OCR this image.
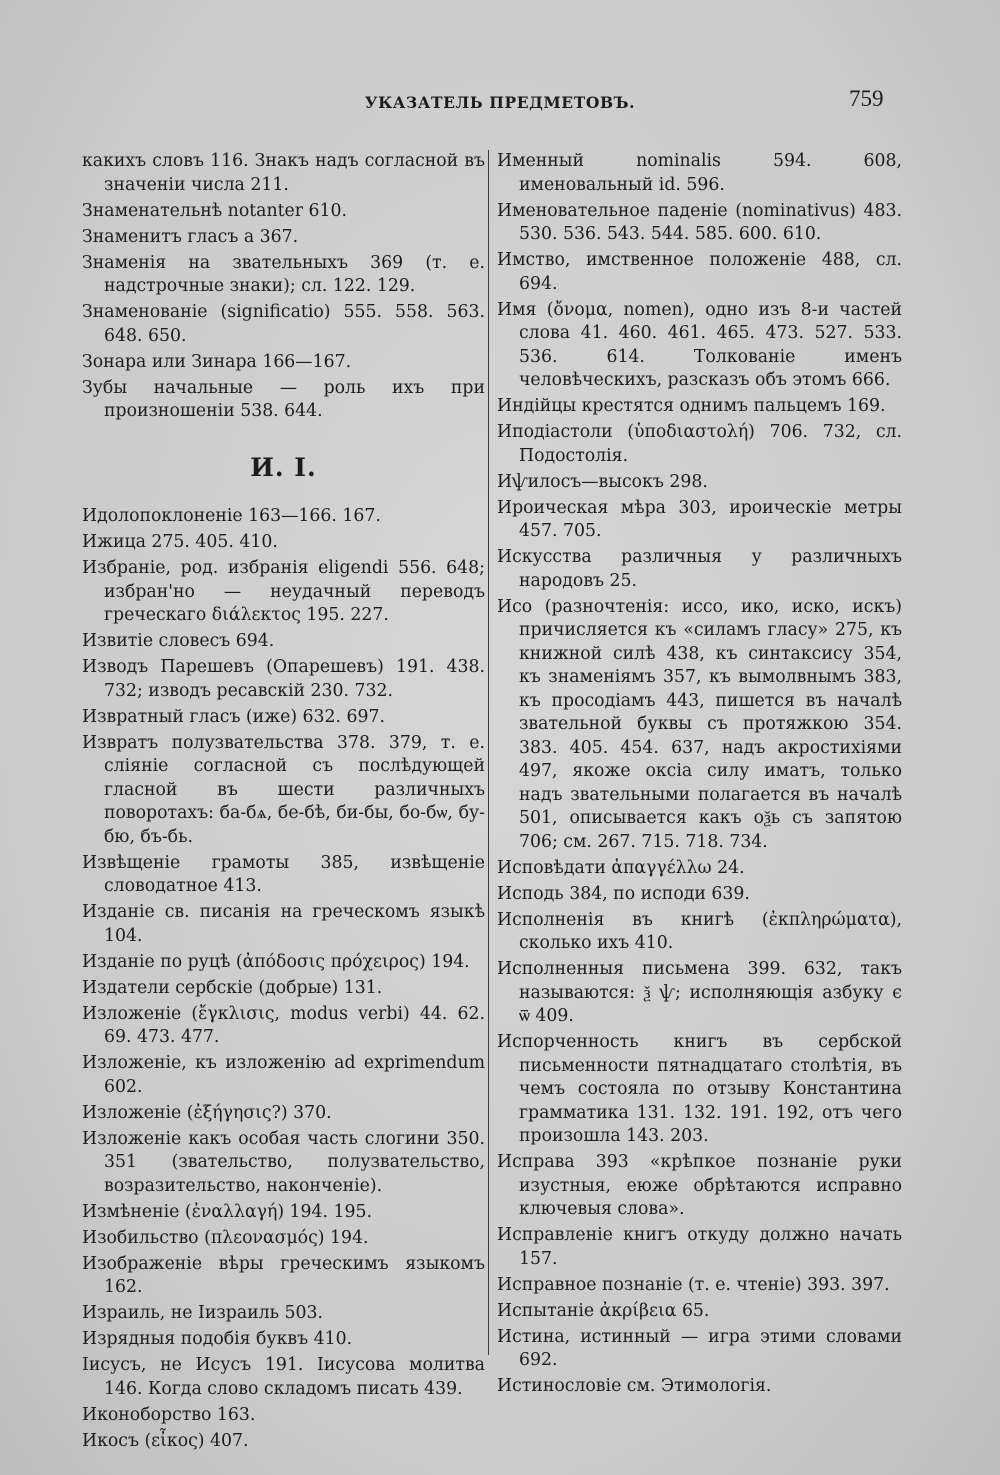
УКАЗАТЕЛЬ ПРЕДМЕТОВЪ.	759
какихъ словъ 116. Знакъ надъ согласной въ значенiи числа 211.
Знаменательнѣ notanter 610.
Знаменитъ гласъ а 367.
Знаменiя на звательныхъ 369 (т. е. надстрочные знаки); сл. 122. 129.
Знаменованiе (significatio) 555. 558. 563. 648. 650.
Зонара или Зинара 166—167.
Зубы начальные — роль ихъ при произношенiи 538. 644.
И. I.
Идолопоклоненiе 163—166. 167.
Ижица 275. 405. 410.
Избранiе, род. избранiя eligendi 556. 648; избран'но — неудачный переводъ греческаго διάλεκτος 195. 227.
Извитiе словесъ 694.
Изводъ Парешевъ (Опарешевъ) 191. 438. 732; изводъ ресавскiй 230. 732.
Извратный гласъ (иже) 632. 697.
Извратъ полузвательства 378. 379, т. е. слiянiе согласной съ послѣдующей гласной въ шести различныхъ поворотахъ: ба-бѧ, бе-бѣ, би-бы, бо-бѡ, бу-бю, бъ-бь.
Извѣщенiе грамоты 385, извѣщенiе словодатное 413.
Изданiе св. писанiя на греческомъ языкѣ 104.
Изданiе по руцѣ (ἀπόδοσις πρόχειρος) 194.
Издатели сербскiе (добрые) 131.
Изложенiе (ἔγκλισις, modus verbi) 44. 62. 69. 473. 477.
Изложенiе, къ изложенiю ad exprimendum 602.
Изложенiе (ἐξήγησις?) 370.
Изложенiе какъ особая часть слогини 350. 351 (звательство, полузвательство, возразительство, наконченiе).
Измѣненiе (ἐναλλαγή) 194. 195.
Изобильство (πλεονασμός) 194.
Изображенiе вѣры греческимъ языкомъ 162.
Израиль, не Iизраиль 503.
Изрядныя подобiя буквъ 410.
Iисусъ, не Исусъ 191. Iисусова молитва 146. Когда слово складомъ писать 439.
Иконоборство 163.
Икосъ (εἶκος) 407.
Именный nominalis 594. 608, именовальный id. 596.
Именовательное паденiе (nominativus) 483. 530. 536. 543. 544. 585. 600. 610.
Имство, имственное положенiе 488, сл. 694.
Имя (ὄνομα, nomen), одно изъ 8-и частей слова 41. 460. 461. 465. 473. 527. 533. 536. 614. Толкованiе именъ человѣческихъ, разсказъ объ этомъ 666.
Индiйцы крестятся однимъ пальцемъ 169.
Иподiастоли (ὑποδιαστολή) 706. 732, сл. Подостолiя.
Иѱилосъ—высокъ 298.
Ироическая мѣра 303, ироическiе метры 457. 705.
Искусства различныя у различныхъ народовъ 25.
Исо (разночтенiя: иссо, ико, иско, искъ) причисляется къ «силамъ гласу» 275, къ книжной силѣ 438, къ синтаксису 354, къ знаменiямъ 357, къ вымолвнымъ 383, къ просодiамъ 443, пишется въ началѣ звательной буквы съ протяжкою 354. 383. 405. 454. 637, надъ акростихiями 497, якоже оксiа силу иматъ, только надъ звательными полагается въ началѣ 501, описывается какъ оѯь съ запятою 706; см. 267. 715. 718. 734.
Исповѣдати ἀπαγγέλλω 24.
Исподь 384, по исподи 639.
Исполненiя въ книгѣ (ἐκπληρώματα), сколько ихъ 410.
Исполненныя письмена 399. 632, такъ называются: ѯ ѱ; исполняющiя азбуку є ѿ 409.
Испорченность книгъ въ сербской письменности пятнадцатаго столѣтiя, въ чемъ состояла по отзыву Константина грамматика 131. 132. 191. 192, отъ чего произошла 143. 203.
Исправа 393 «крѣпкое познанiе руки изустныя, еюже обрѣтаются исправно ключевыя слова».
Исправленiе книгъ откуду должно начать 157.
Исправное познанiе (т. е. чтенiе) 393. 397.
Испытанiе ἀκρίβεια 65.
Истина, истинный — игра этими словами 692.
Истинословiе см. Этимологiя.
